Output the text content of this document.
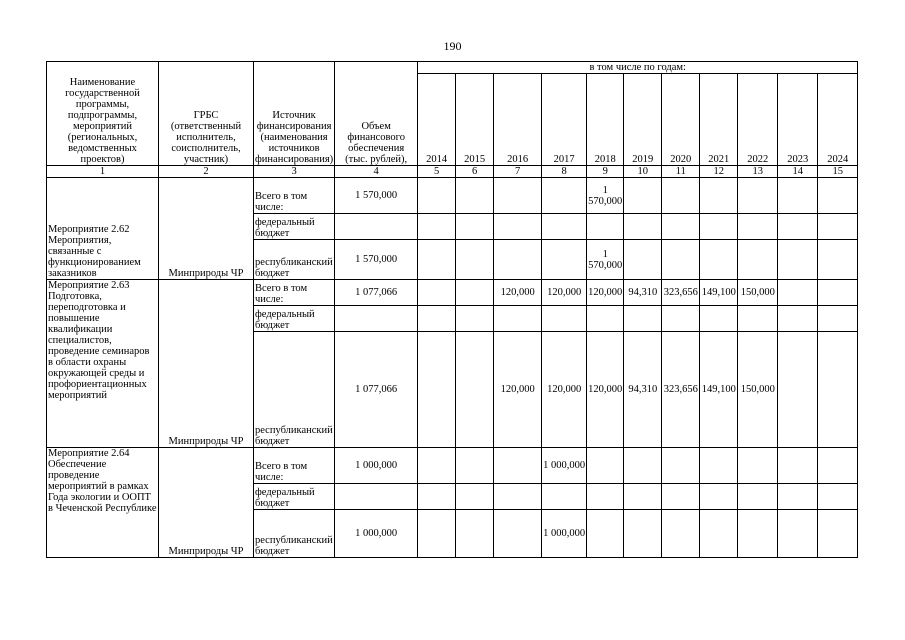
190
Наименование государственной программы, подпрограммы, мероприятий (региональных, ведомственных проектов)	ГРБС (ответственный исполнитель, соисполнитель, участник)	Источник финансирования (наименования источников финансирования)	Объем финансового обеспечения (тыс. рублей),	в том числе по годам:										
				2014	2015	2016	2017	2018	2019	2020	2021	2022	2023	2024
1	2	3	4	5	6	7	8	9	10	11	12	13	14	15
Мероприятие 2.62 Мероприятия, связанные с функционированием заказников	Минприроды ЧР	Всего в том числе:	1 570,000					1 570,000						
		федеральный бюджет												
		республиканский бюджет	1 570,000					1 570,000						
Мероприятие 2.63 Подготовка, переподготовка и повышение квалификации специалистов, проведение семинаров в области охраны окружающей среды и профориентационных мероприятий	Минприроды ЧР	Всего в том числе:	1 077,066			120,000	120,000	120,000	94,310	323,656	149,100	150,000		
		федеральный бюджет												
		республиканский бюджет	1 077,066			120,000	120,000	120,000	94,310	323,656	149,100	150,000		
Мероприятие 2.64 Обеспечение проведение мероприятий в рамках Года экологии и ООПТ в Чеченской Республике	Минприроды ЧР	Всего в том числе:	1 000,000				1 000,000							
		федеральный бюджет												
		республиканский бюджет	1 000,000				1 000,000							
